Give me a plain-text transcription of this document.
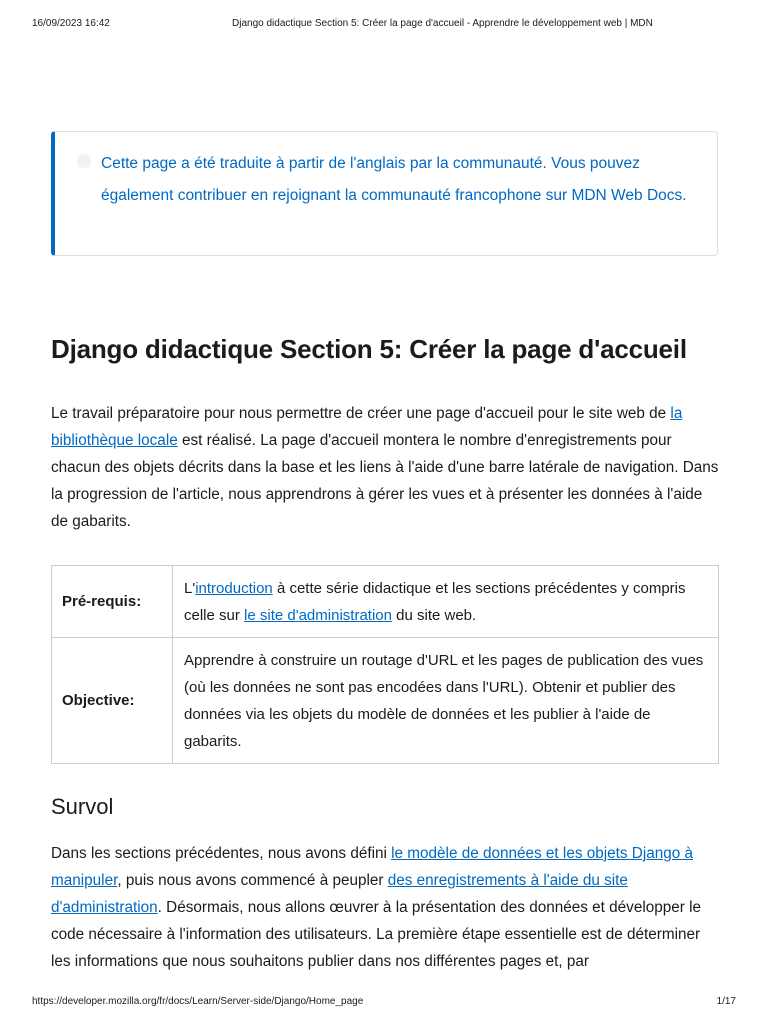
16/09/2023 16:42	Django didactique Section 5: Créer la page d'accueil - Apprendre le développement web | MDN
Cette page a été traduite à partir de l'anglais par la communauté. Vous pouvez également contribuer en rejoignant la communauté francophone sur MDN Web Docs.
Django didactique Section 5: Créer la page d'accueil

Le travail préparatoire pour nous permettre de créer une page d'accueil pour le site web de la bibliothèque locale est réalisé. La page d'accueil montera le nombre d'enregistrements pour chacun des objets décrits dans la base et les liens à l'aide d'une barre latérale de navigation. Dans la progression de l'article, nous apprendrons à gérer les vues et à présenter les données à l'aide de gabarits.

Pré-requis:	L'introduction à cette série didactique et les sections précédentes y compris celle sur le site d'administration du site web.
Objective:	Apprendre à construire un routage d'URL et les pages de publication des vues (où les données ne sont pas encodées dans l'URL). Obtenir et publier des données via les objets du modèle de données et les publier à l'aide de gabarits.
Survol

Dans les sections précédentes, nous avons défini le modèle de données et les objets Django à manipuler, puis nous avons commencé à peupler des enregistrements à l'aide du site d'administration. Désormais, nous allons œuvrer à la présentation des données et développer le code nécessaire à l'information des utilisateurs. La première étape essentielle est de déterminer les informations que nous souhaitons publier dans nos différentes pages et, par

https://developer.mozilla.org/fr/docs/Learn/Server-side/Django/Home_page	1/17
